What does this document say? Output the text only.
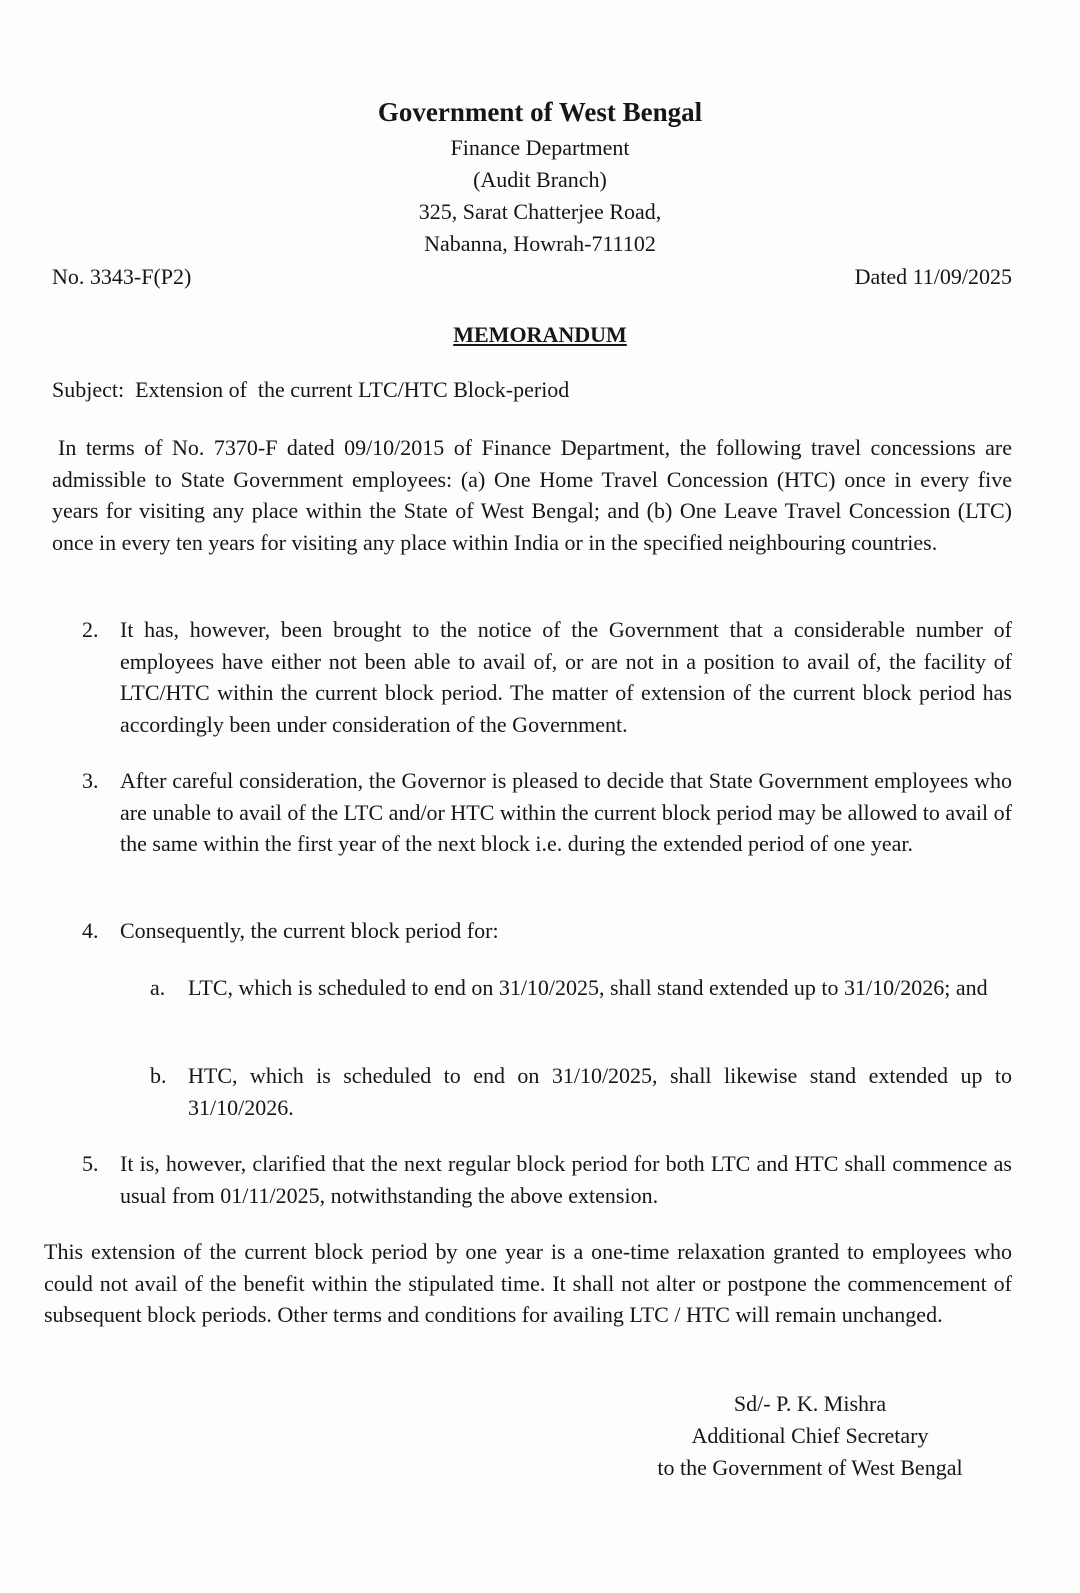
Government of West Bengal
Finance Department
(Audit Branch)
325, Sarat Chatterjee Road,
Nabanna, Howrah-711102
No. 3343-F(P2)	Dated 11/09/2025
MEMORANDUM
Subject:  Extension of  the current LTC/HTC Block-period

In terms of No. 7370-F dated 09/10/2015 of Finance Department, the following travel concessions are admissible to State Government employees: (a) One Home Travel Concession (HTC) once in every five years for visiting any place within the State of West Bengal; and (b) One Leave Travel Concession (LTC) once in every ten years for visiting any place within India or in the specified neighbouring countries.

2. It has, however, been brought to the notice of the Government that a considerable number of employees have either not been able to avail of, or are not in a position to avail of, the facility of LTC/HTC within the current block period. The matter of extension of the current block period has accordingly been under consideration of the Government.

3. After careful consideration, the Governor is pleased to decide that State Government employees who are unable to avail of the LTC and/or HTC within the current block period may be allowed to avail of the same within the first year of the next block i.e. during the extended period of one year.

4. Consequently, the current block period for:

a.	LTC, which is scheduled to end on 31/10/2025, shall stand extended up to 31/10/2026; and

b. HTC, which is scheduled to end on 31/10/2025, shall likewise stand extended up to 31/10/2026.

5. It is, however, clarified that the next regular block period for both LTC and HTC shall commence as usual from 01/11/2025, notwithstanding the above extension.

This extension of the current block period by one year is a one-time relaxation granted to employees who could not avail of the benefit within the stipulated time. It shall not alter or postpone the commencement of subsequent block periods. Other terms and conditions for availing LTC / HTC will remain unchanged.

Sd/- P. K. Mishra
Additional Chief Secretary
to the Government of West Bengal
